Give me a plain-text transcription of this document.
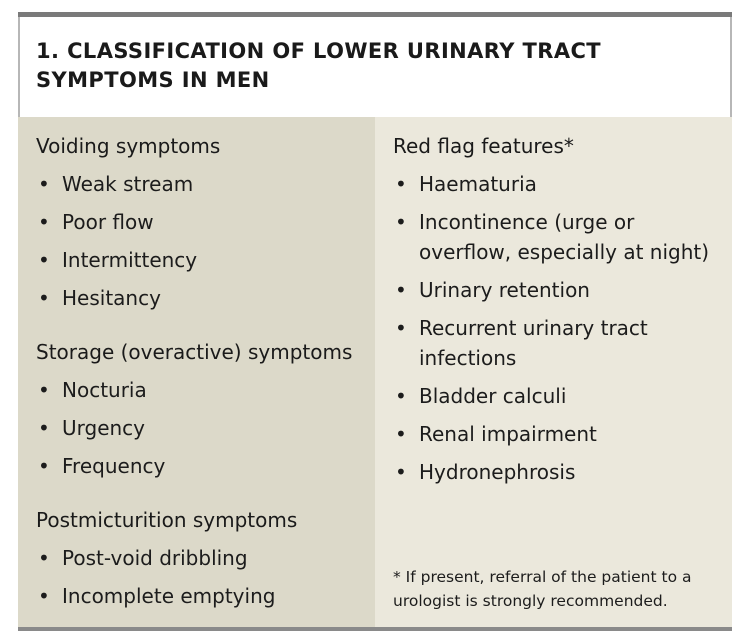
1. CLASSIFICATION OF LOWER URINARY TRACT SYMPTOMS IN MEN
Voiding symptoms
• Weak stream
• Poor flow
• Intermittency
• Hesitancy
Storage (overactive) symptoms
• Nocturia
• Urgency
• Frequency
Postmicturition symptoms
• Post-void dribbling
• Incomplete emptying
Red flag features*
• Haematuria
• Incontinence (urge or overflow, especially at night)
• Urinary retention
• Recurrent urinary tract infections
• Bladder calculi
• Renal impairment
• Hydronephrosis

* If present, referral of the patient to a urologist is strongly recommended.
